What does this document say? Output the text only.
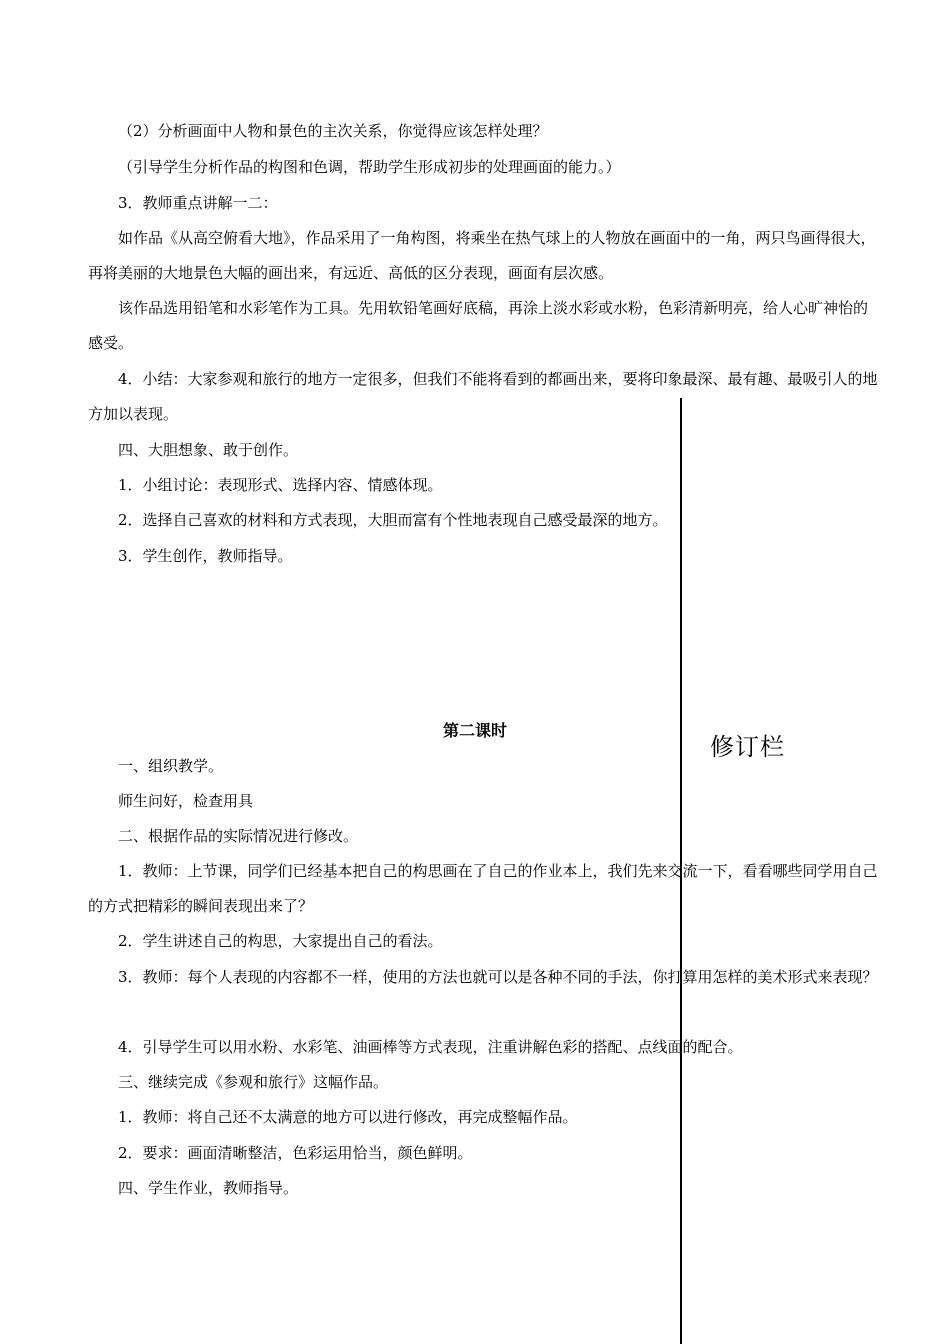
（2）分析画面中人物和景色的主次关系，你觉得应该怎样处理？

（引导学生分析作品的构图和色调，帮助学生形成初步的处理画面的能力。）

3．教师重点讲解一二：

如作品《从高空俯看大地》，作品采用了一角构图，将乘坐在热气球上的人物放在画面中的一角，两只鸟画得很大，再将美丽的大地景色大幅的画出来，有远近、高低的区分表现，画面有层次感。

该作品选用铅笔和水彩笔作为工具。先用软铅笔画好底稿，再涂上淡水彩或水粉，色彩清新明亮，给人心旷神怡的感受。

4．小结：大家参观和旅行的地方一定很多，但我们不能将看到的都画出来，要将印象最深、最有趣、最吸引人的地方加以表现。

四、大胆想象、敢于创作。

1．小组讨论：表现形式、选择内容、情感体现。

2．选择自己喜欢的材料和方式表现，大胆而富有个性地表现自己感受最深的地方。

3．学生创作，教师指导。

第二课时
修订栏

一、组织教学。

师生问好，检查用具

二、根据作品的实际情况进行修改。

1．教师：上节课，同学们已经基本把自己的构思画在了自己的作业本上，我们先来交流一下，看看哪些同学用自己的方式把精彩的瞬间表现出来了？

2．学生讲述自己的构思，大家提出自己的看法。

3．教师：每个人表现的内容都不一样，使用的方法也就可以是各种不同的手法，你打算用怎样的美术形式来表现？

4．引导学生可以用水粉、水彩笔、油画棒等方式表现，注重讲解色彩的搭配、点线面的配合。

三、继续完成《参观和旅行》这幅作品。

1．教师：将自己还不太满意的地方可以进行修改，再完成整幅作品。

2．要求：画面清晰整洁，色彩运用恰当，颜色鲜明。

四、学生作业，教师指导。
